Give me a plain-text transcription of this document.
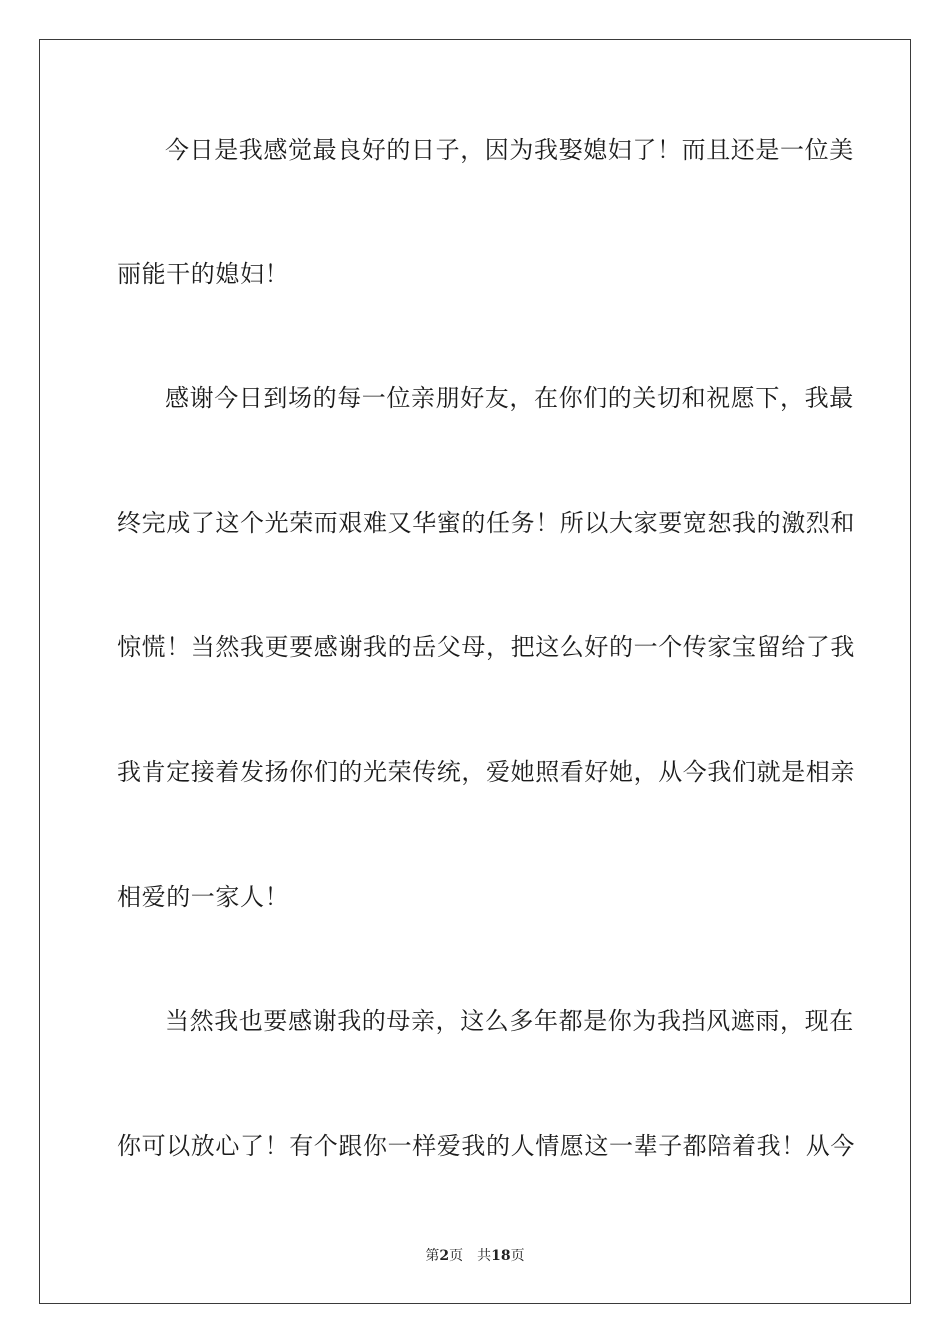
今日是我感觉最良好的日子，因为我娶媳妇了！而且还是一位美
丽能干的媳妇！
感谢今日到场的每一位亲朋好友，在你们的关切和祝愿下，我最
终完成了这个光荣而艰难又华蜜的任务！所以大家要宽恕我的激烈和
惊慌！当然我更要感谢我的岳父母，把这么好的一个传家宝留给了我
我肯定接着发扬你们的光荣传统，爱她照看好她，从今我们就是相亲
相爱的一家人！
当然我也要感谢我的母亲，这么多年都是你为我挡风遮雨，现在
你可以放心了！有个跟你一样爱我的人情愿这一辈子都陪着我！从今
第2页 共18页
